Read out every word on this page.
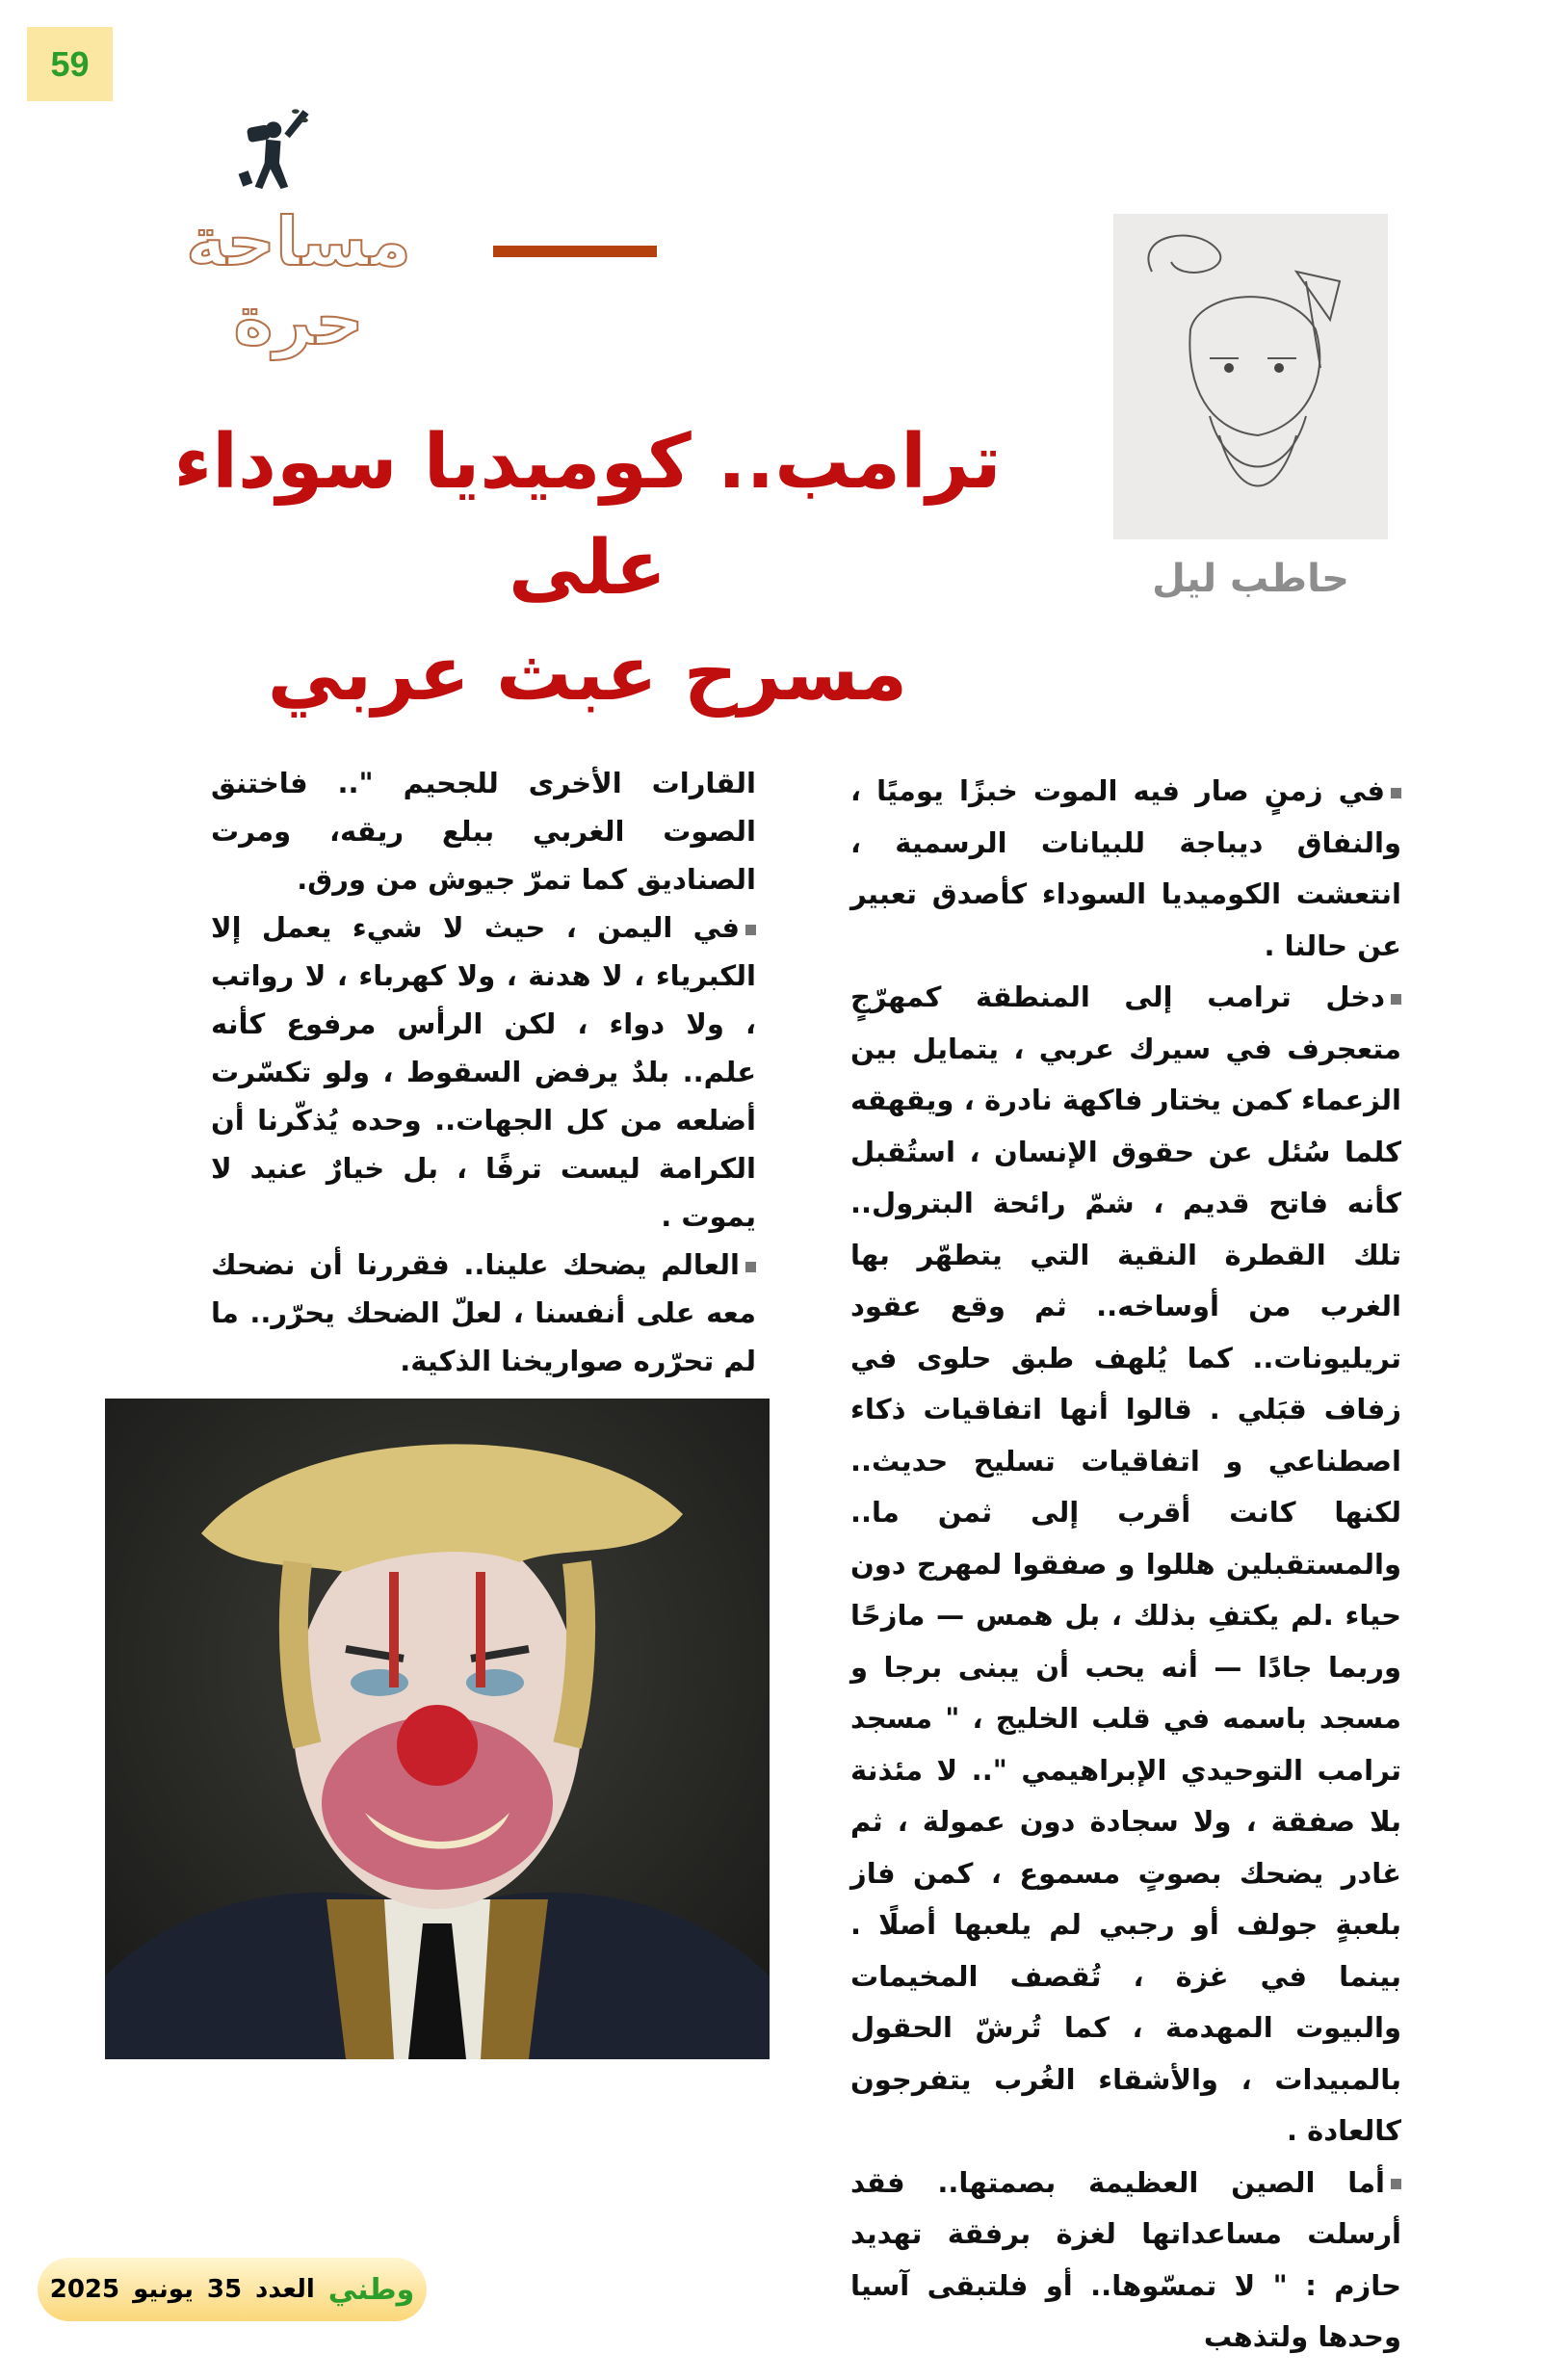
59
مساحة حرة
حاطب ليل
ترامب.. كوميديا سوداء على
مسرح عبث عربي

في زمنٍ صار فيه الموت خبزًا يوميًا ، والنفاق ديباجة للبيانات الرسمية ، انتعشت الكوميديا السوداء كأصدق تعبير عن حالنا .

دخل ترامب إلى المنطقة كمهرّجٍ متعجرف في سيرك عربي ، يتمايل بين الزعماء كمن يختار فاكهة نادرة ، ويقهقه كلما سُئل عن حقوق الإنسان ، استُقبل كأنه فاتح قديم ، شمّ رائحة البترول.. تلك القطرة النقية التي يتطهّر بها الغرب من أوساخه.. ثم وقع عقود تريليونات.. كما يُلهف طبق حلوى في زفاف قبَلي . قالوا أنها اتفاقيات ذكاء اصطناعي و اتفاقيات تسليح حديث.. لكنها كانت أقرب إلى ثمن ما.. والمستقبلين هللوا و صفقوا لمهرج دون حياء .لم يكتفِ بذلك ، بل همس — مازحًا وربما جادًا — أنه يحب أن يبنى برجا و مسجد باسمه في قلب الخليج ، " مسجد ترامب التوحيدي الإبراهيمي ".. لا مئذنة بلا صفقة ، ولا سجادة دون عمولة ، ثم غادر يضحك بصوتٍ مسموع ، كمن فاز بلعبةٍ جولف أو رجبي لم يلعبها أصلًا . بينما في غزة ، تُقصف المخيمات والبيوت المهدمة ، كما تُرشّ الحقول بالمبيدات ، والأشقاء الغُرب يتفرجون كالعادة .

أما الصين العظيمة بصمتها.. فقد أرسلت مساعداتها لغزة برفقة تهديد حازم : " لا تمسّوها.. أو فلتبقى آسيا وحدها ولتذهب

القارات الأخرى للجحيم ".. فاختنق الصوت الغربي ببلع ريقه، ومرت الصناديق كما تمرّ جيوش من ورق.

في اليمن ، حيث لا شيء يعمل إلا الكبرياء ، لا هدنة ، ولا كهرباء ، لا رواتب ، ولا دواء ، لكن الرأس مرفوع كأنه علم.. بلدٌ يرفض السقوط ، ولو تكسّرت أضلعه من كل الجهات.. وحده يُذكّرنا أن الكرامة ليست ترفًا ، بل خيارٌ عنيد لا يموت .

العالم يضحك علينا.. فقررنا أن نضحك معه على أنفسنا ، لعلّ الضحك يحرّر.. ما لم تحرّره صواريخنا الذكية.

وطني
العدد
35
يونيو
2025
